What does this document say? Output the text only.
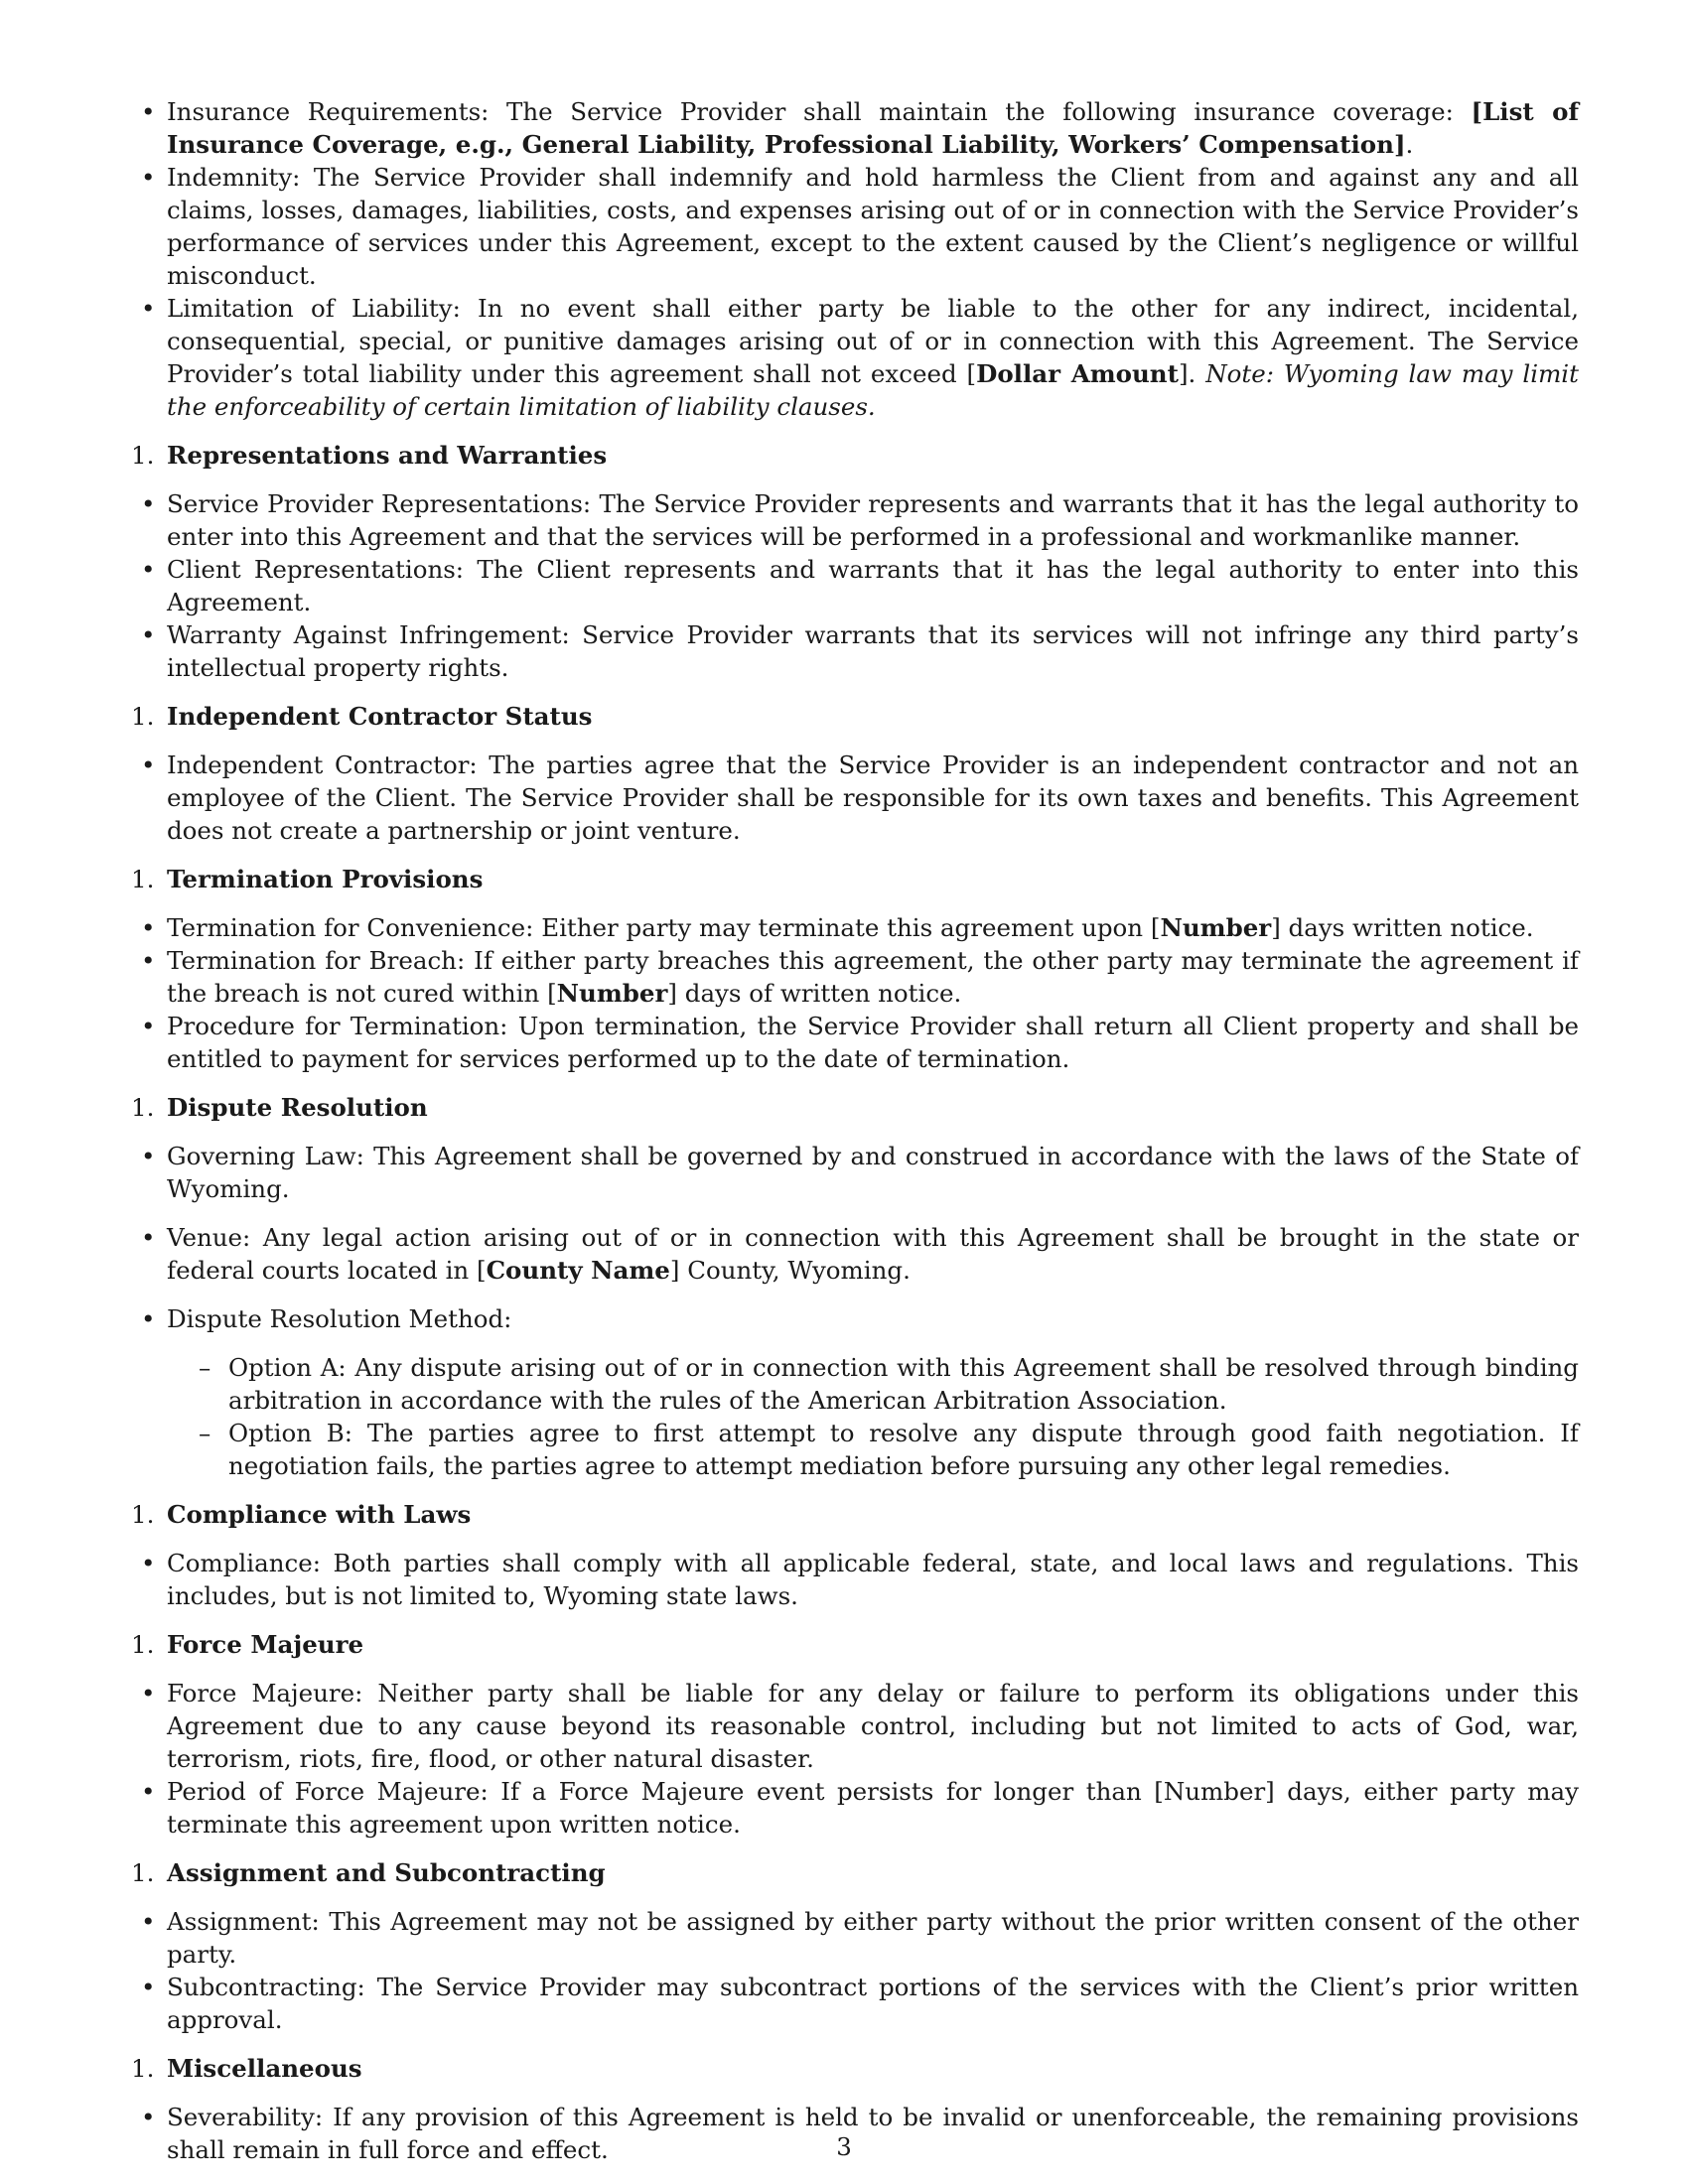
• Insurance Requirements: The Service Provider shall maintain the following insurance coverage: [List of Insurance Coverage, e.g., General Liability, Professional Liability, Workers’ Compensation].
• Indemnity: The Service Provider shall indemnify and hold harmless the Client from and against any and all claims, losses, damages, liabilities, costs, and expenses arising out of or in connection with the Service Provider’s performance of services under this Agreement, except to the extent caused by the Client’s negligence or willful misconduct.
• Limitation of Liability: In no event shall either party be liable to the other for any indirect, incidental, consequential, special, or punitive damages arising out of or in connection with this Agreement. The Service Provider’s total liability under this agreement shall not exceed [Dollar Amount]. Note: Wyoming law may limit the enforceability of certain limitation of liability clauses.
1. Representations and Warranties
• Service Provider Representations: The Service Provider represents and warrants that it has the legal authority to enter into this Agreement and that the services will be performed in a professional and workmanlike manner.
• Client Representations: The Client represents and warrants that it has the legal authority to enter into this Agreement.
• Warranty Against Infringement: Service Provider warrants that its services will not infringe any third party’s intellectual property rights.
1. Independent Contractor Status
• Independent Contractor: The parties agree that the Service Provider is an independent contractor and not an employee of the Client. The Service Provider shall be responsible for its own taxes and benefits. This Agreement does not create a partnership or joint venture.
1. Termination Provisions
• Termination for Convenience: Either party may terminate this agreement upon [Number] days written notice.
• Termination for Breach: If either party breaches this agreement, the other party may terminate the agreement if the breach is not cured within [Number] days of written notice.
• Procedure for Termination: Upon termination, the Service Provider shall return all Client property and shall be entitled to payment for services performed up to the date of termination.
1. Dispute Resolution
• Governing Law: This Agreement shall be governed by and construed in accordance with the laws of the State of Wyoming.
• Venue: Any legal action arising out of or in connection with this Agreement shall be brought in the state or federal courts located in [County Name] County, Wyoming.
• Dispute Resolution Method:
– Option A: Any dispute arising out of or in connection with this Agreement shall be resolved through binding arbitration in accordance with the rules of the American Arbitration Association.
– Option B: The parties agree to first attempt to resolve any dispute through good faith negotiation. If negotiation fails, the parties agree to attempt mediation before pursuing any other legal remedies.
1. Compliance with Laws
• Compliance: Both parties shall comply with all applicable federal, state, and local laws and regulations. This includes, but is not limited to, Wyoming state laws.
1. Force Majeure
• Force Majeure: Neither party shall be liable for any delay or failure to perform its obligations under this Agreement due to any cause beyond its reasonable control, including but not limited to acts of God, war, terrorism, riots, fire, flood, or other natural disaster.
• Period of Force Majeure: If a Force Majeure event persists for longer than [Number] days, either party may terminate this agreement upon written notice.
1. Assignment and Subcontracting
• Assignment: This Agreement may not be assigned by either party without the prior written consent of the other party.
• Subcontracting: The Service Provider may subcontract portions of the services with the Client’s prior written approval.
1. Miscellaneous
• Severability: If any provision of this Agreement is held to be invalid or unenforceable, the remaining provisions shall remain in full force and effect.	3
